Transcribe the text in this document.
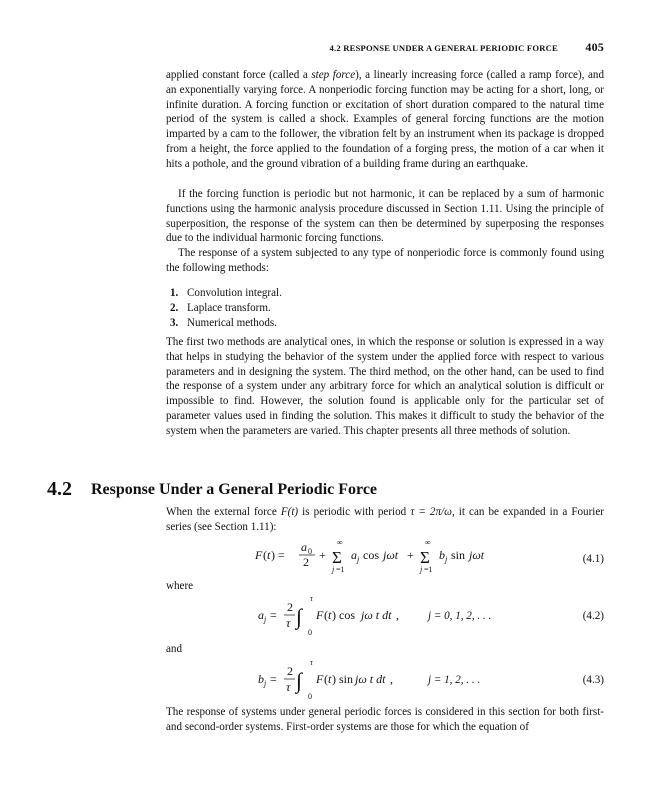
4.2 RESPONSE UNDER A GENERAL PERIODIC FORCE 405

applied constant force (called a step force), a linearly increasing force (called a ramp force), and an exponentially varying force. A nonperiodic forcing function may be acting for a short, long, or infinite duration. A forcing function or excitation of short duration compared to the natural time period of the system is called a shock. Examples of general forcing functions are the motion imparted by a cam to the follower, the vibration felt by an instrument when its package is dropped from a height, the force applied to the foundation of a forging press, the motion of a car when it hits a pothole, and the ground vibration of a building frame during an earthquake.

If the forcing function is periodic but not harmonic, it can be replaced by a sum of harmonic functions using the harmonic analysis procedure discussed in Section 1.11. Using the principle of superposition, the response of the system can then be determined by superposing the responses due to the individual harmonic forcing functions.

The response of a system subjected to any type of nonperiodic force is commonly found using the following methods:

1. Convolution integral.
2. Laplace transform.
3. Numerical methods.

The first two methods are analytical ones, in which the response or solution is expressed in a way that helps in studying the behavior of the system under the applied force with respect to various parameters and in designing the system. The third method, on the other hand, can be used to find the response of a system under any arbitrary force for which an analytical solution is difficult or impossible to find. However, the solution found is applicable only for the particular set of parameter values used in finding the solution. This makes it difficult to study the behavior of the system when the parameters are varied. This chapter presents all three methods of solution.

4.2 Response Under a General Periodic Force

When the external force F(t) is periodic with period τ = 2π/ω, it can be expanded in a Fourier series (see Section 1.11):

F ( t ) =
a 0
2 +
∞
Σ
j =1
a j cos jωt +
∞
Σ
j =1
b j sin jωt	(4.1)
where
a j =
2
τ ∫
τ
0
F ( t ) cos jω t dt ,	j = 0, 1, 2, . . .	(4.2)
and
b j =
2
τ ∫
τ
0
F ( t ) sin jω t dt ,	j = 1, 2, . . .	(4.3)

The response of systems under general periodic forces is considered in this section for both first- and second-order systems. First-order systems are those for which the equation of
